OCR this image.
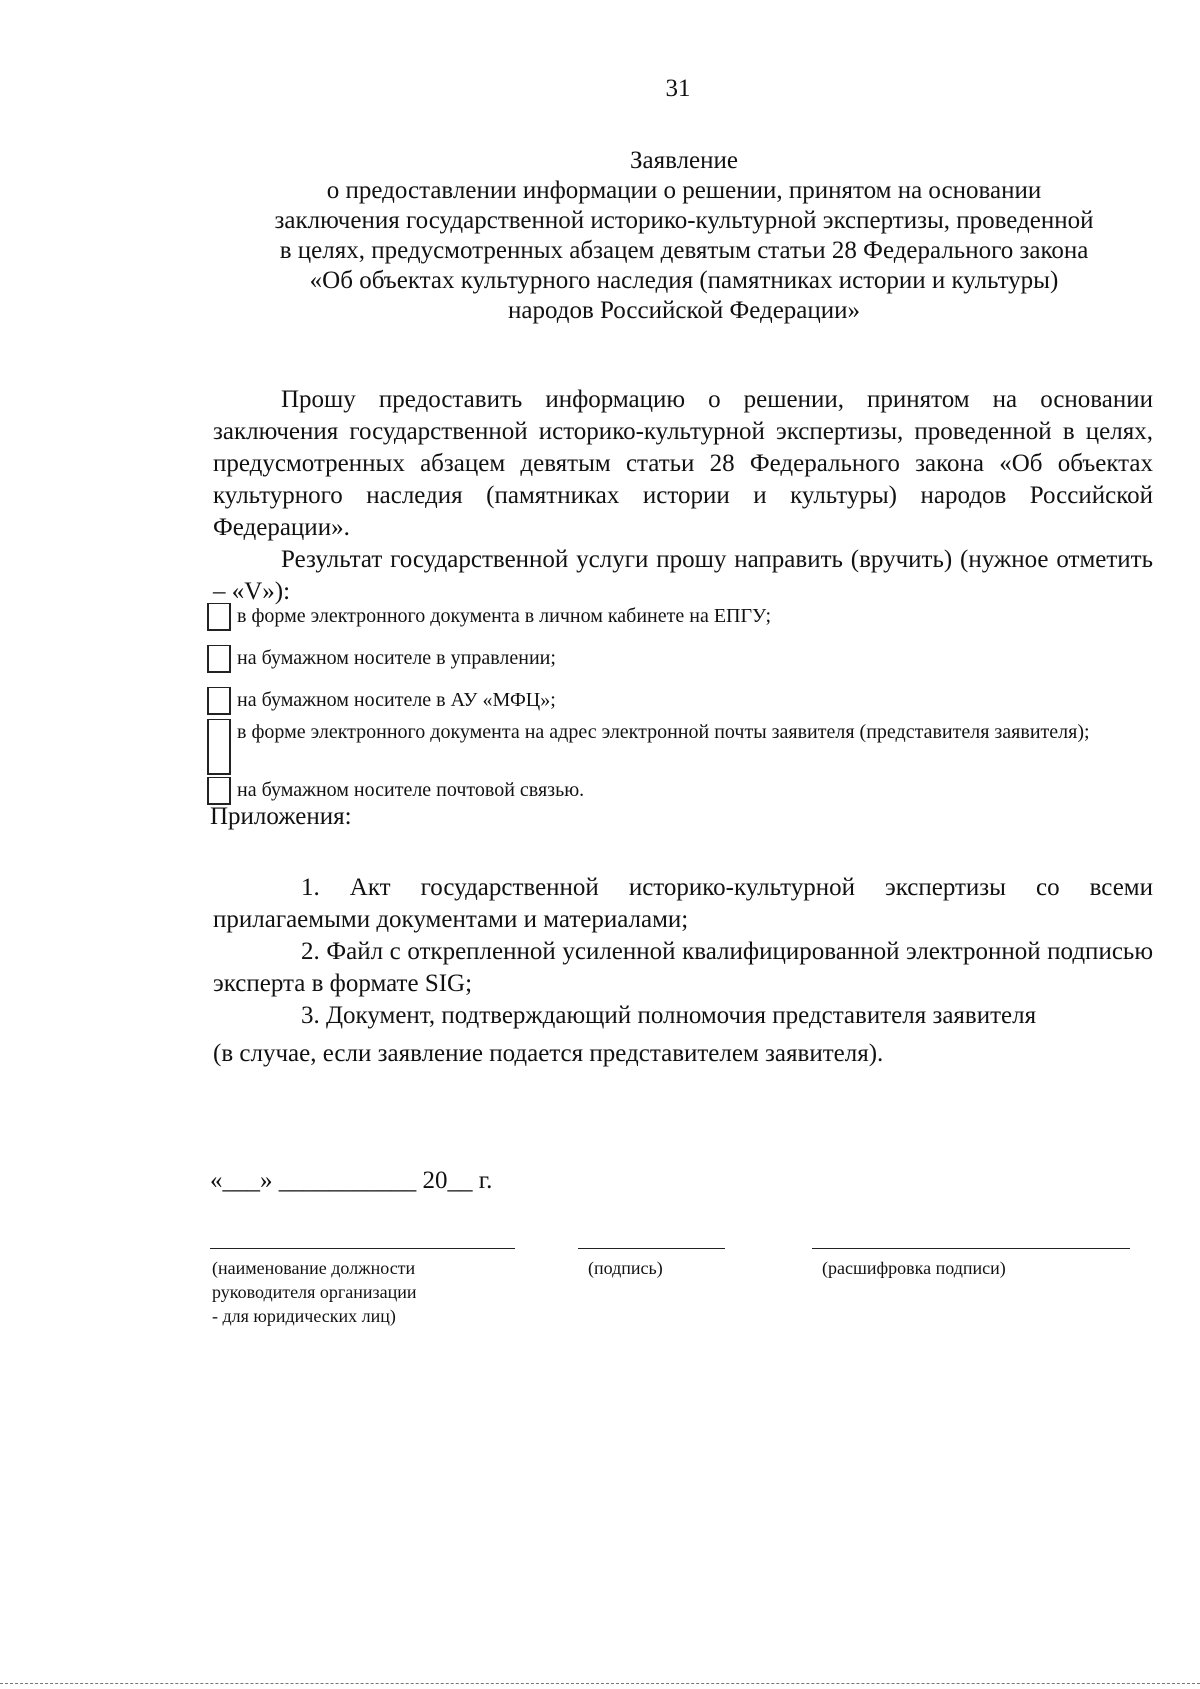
31
Заявление
о предоставлении информации о решении, принятом на основании
заключения государственной историко-культурной экспертизы, проведенной
в целях, предусмотренных абзацем девятым статьи 28 Федерального закона
«Об объектах культурного наследия (памятниках истории и культуры)
народов Российской Федерации»

Прошу предоставить информацию о решении, принятом на основании заключения государственной историко-культурной экспертизы, проведенной в целях, предусмотренных абзацем девятым статьи 28 Федерального закона «Об объектах культурного наследия (памятниках истории и культуры) народов Российской Федерации».

Результат государственной услуги прошу направить (вручить) (нужное отметить – «V»):

в форме электронного документа в личном кабинете на ЕПГУ;
на бумажном носителе в управлении;
на бумажном носителе в АУ «МФЦ»;
в форме электронного документа на адрес электронной почты заявителя (представителя заявителя);
на бумажном носителе почтовой связью.
Приложения:

1. Акт государственной историко-культурной экспертизы со всеми прилагаемыми документами и материалами;

2. Файл с открепленной усиленной квалифицированной электронной подписью эксперта в формате SIG;

3. Документ, подтверждающий полномочия представителя заявителя

(в случае, если заявление подается представителем заявителя).

«___» ___________ 20__ г.
(наименование должности
руководителя организации
- для юридических лиц)
(подпись)	(расшифровка подписи)
